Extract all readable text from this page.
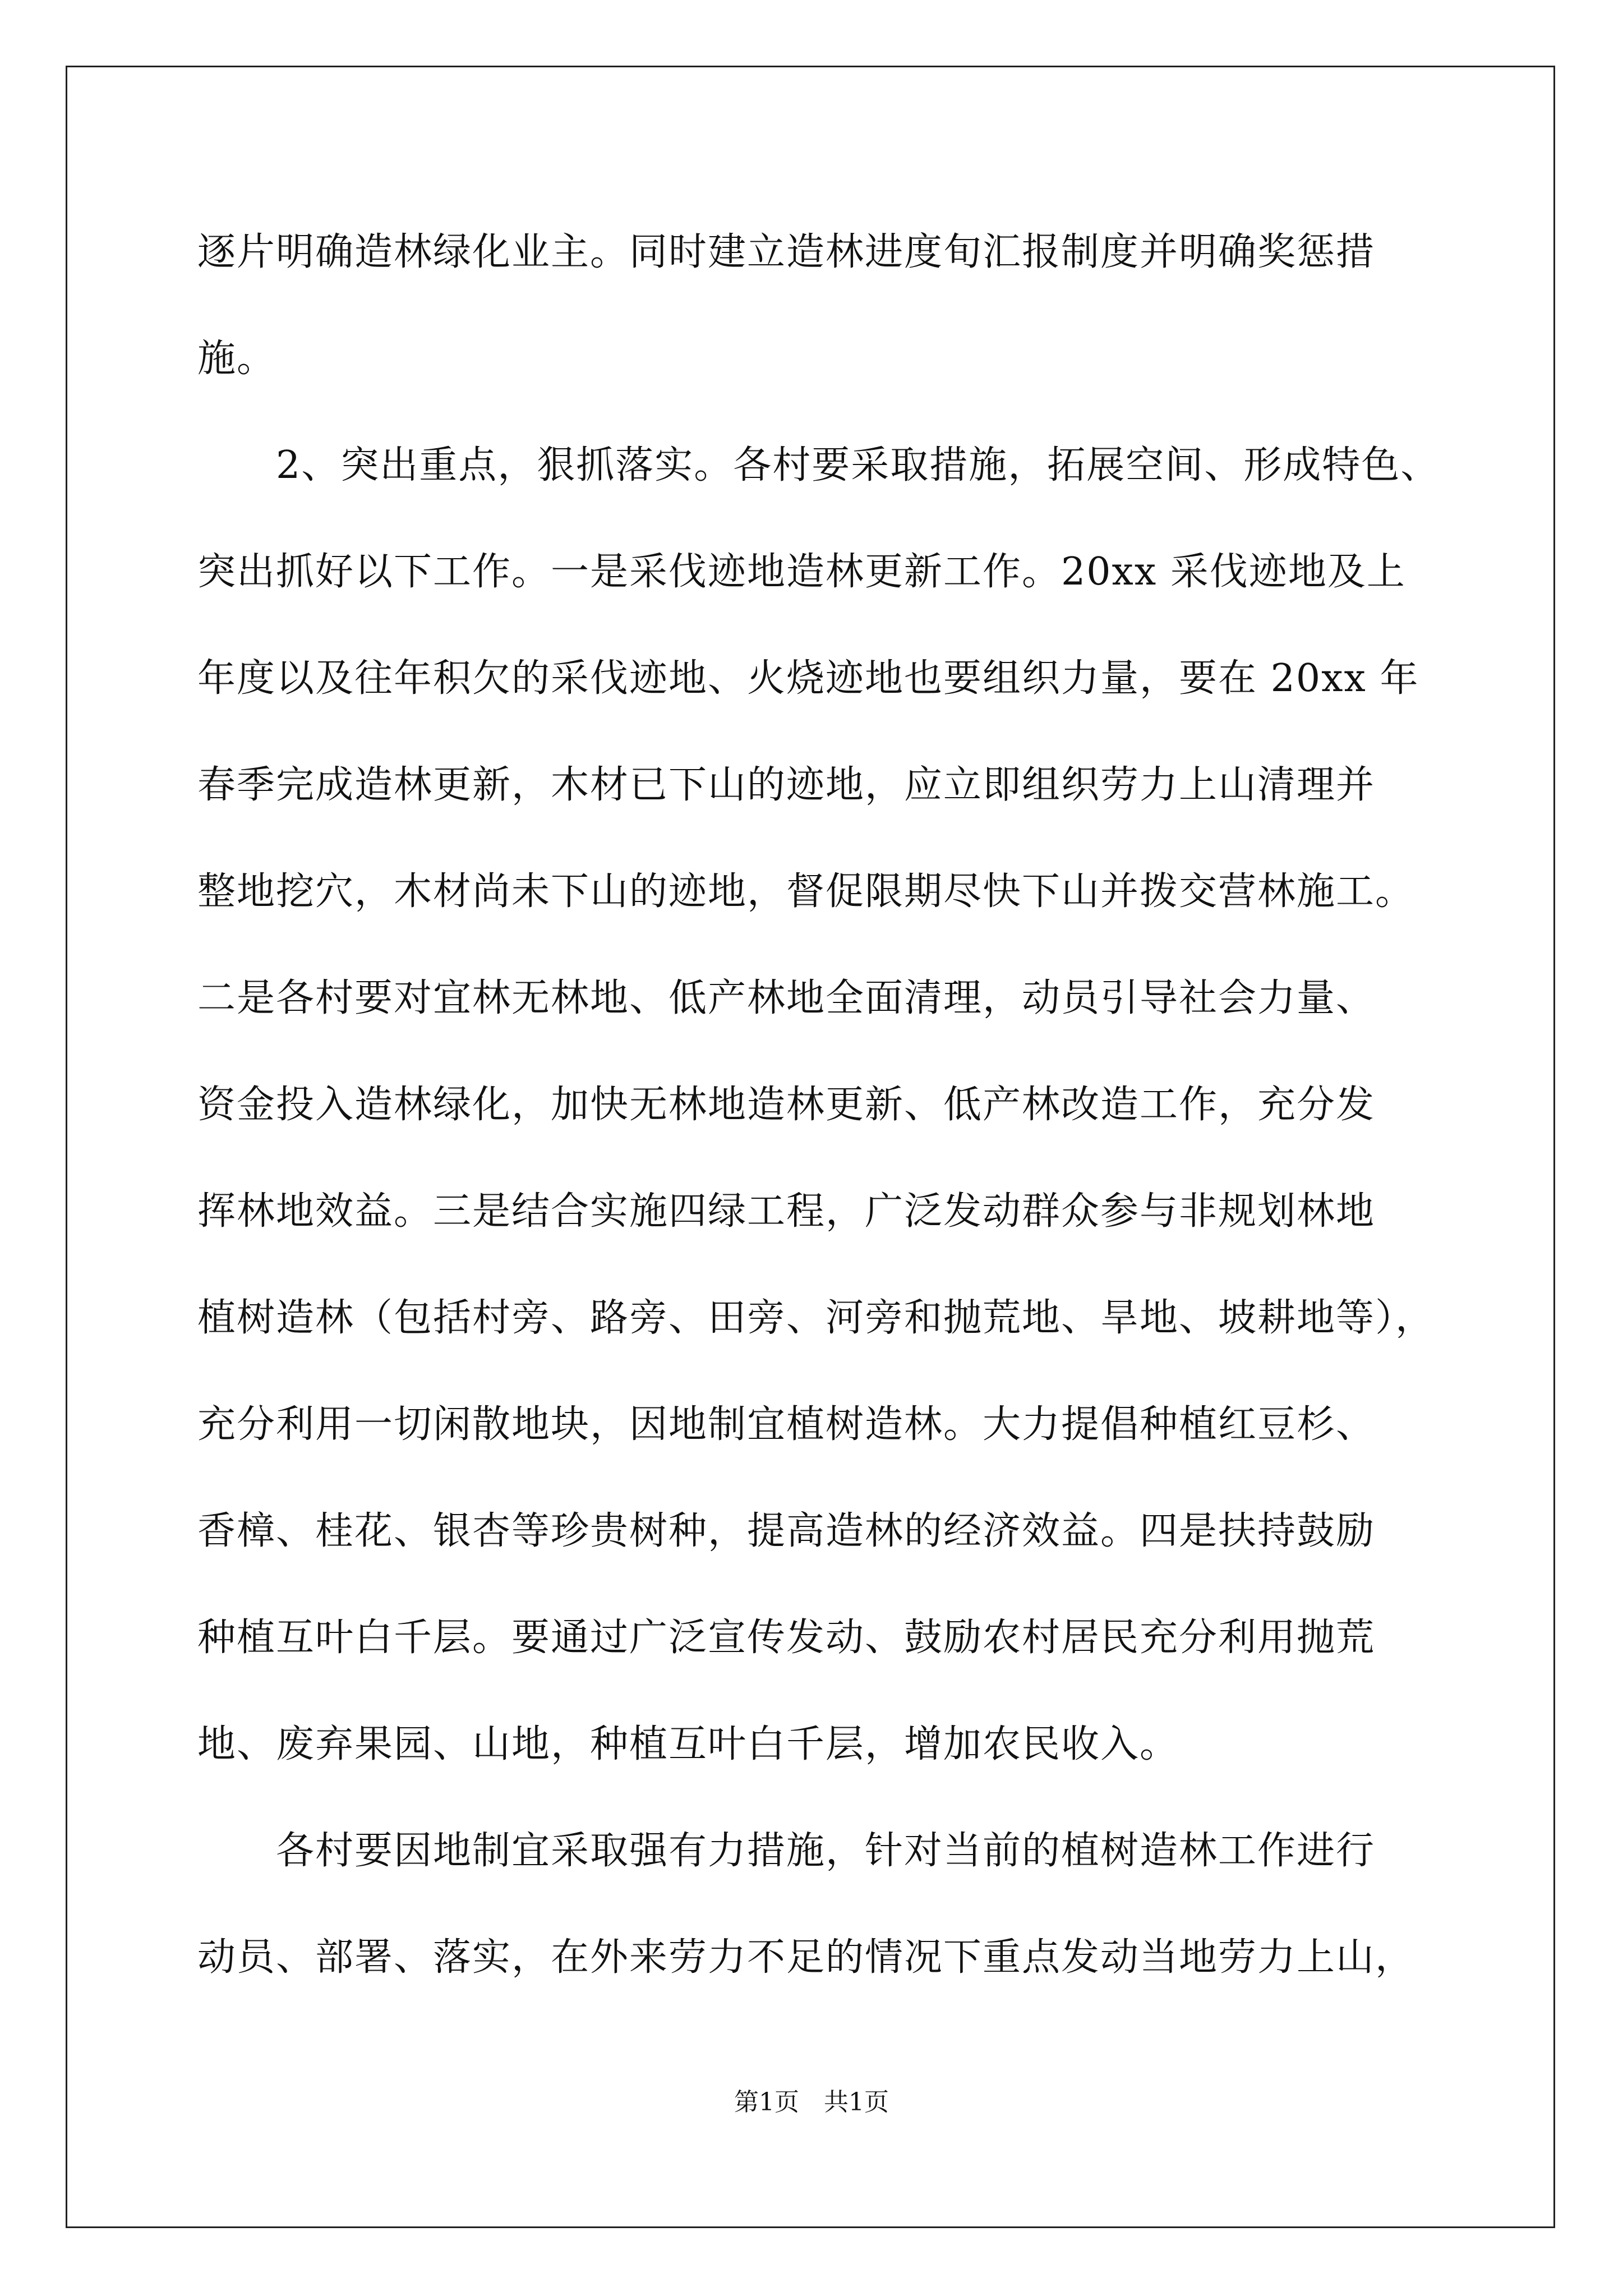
逐片明确造林绿化业主。同时建立造林进度旬汇报制度并明确奖惩措
施。
　　2、突出重点，狠抓落实。各村要采取措施，拓展空间、形成特色、
突出抓好以下工作。一是采伐迹地造林更新工作。20xx 采伐迹地及上
年度以及往年积欠的采伐迹地、火烧迹地也要组织力量，要在 20xx 年
春季完成造林更新，木材已下山的迹地，应立即组织劳力上山清理并
整地挖穴，木材尚未下山的迹地，督促限期尽快下山并拨交营林施工。
二是各村要对宜林无林地、低产林地全面清理，动员引导社会力量、
资金投入造林绿化，加快无林地造林更新、低产林改造工作，充分发
挥林地效益。三是结合实施四绿工程，广泛发动群众参与非规划林地
植树造林（包括村旁、路旁、田旁、河旁和抛荒地、旱地、坡耕地等），
充分利用一切闲散地块，因地制宜植树造林。大力提倡种植红豆杉、
香樟、桂花、银杏等珍贵树种，提高造林的经济效益。四是扶持鼓励
种植互叶白千层。要通过广泛宣传发动、鼓励农村居民充分利用抛荒
地、废弃果园、山地，种植互叶白千层，增加农民收入。
　　各村要因地制宜采取强有力措施，针对当前的植树造林工作进行
动员、部署、落实，在外来劳力不足的情况下重点发动当地劳力上山，
第1页　共1页
